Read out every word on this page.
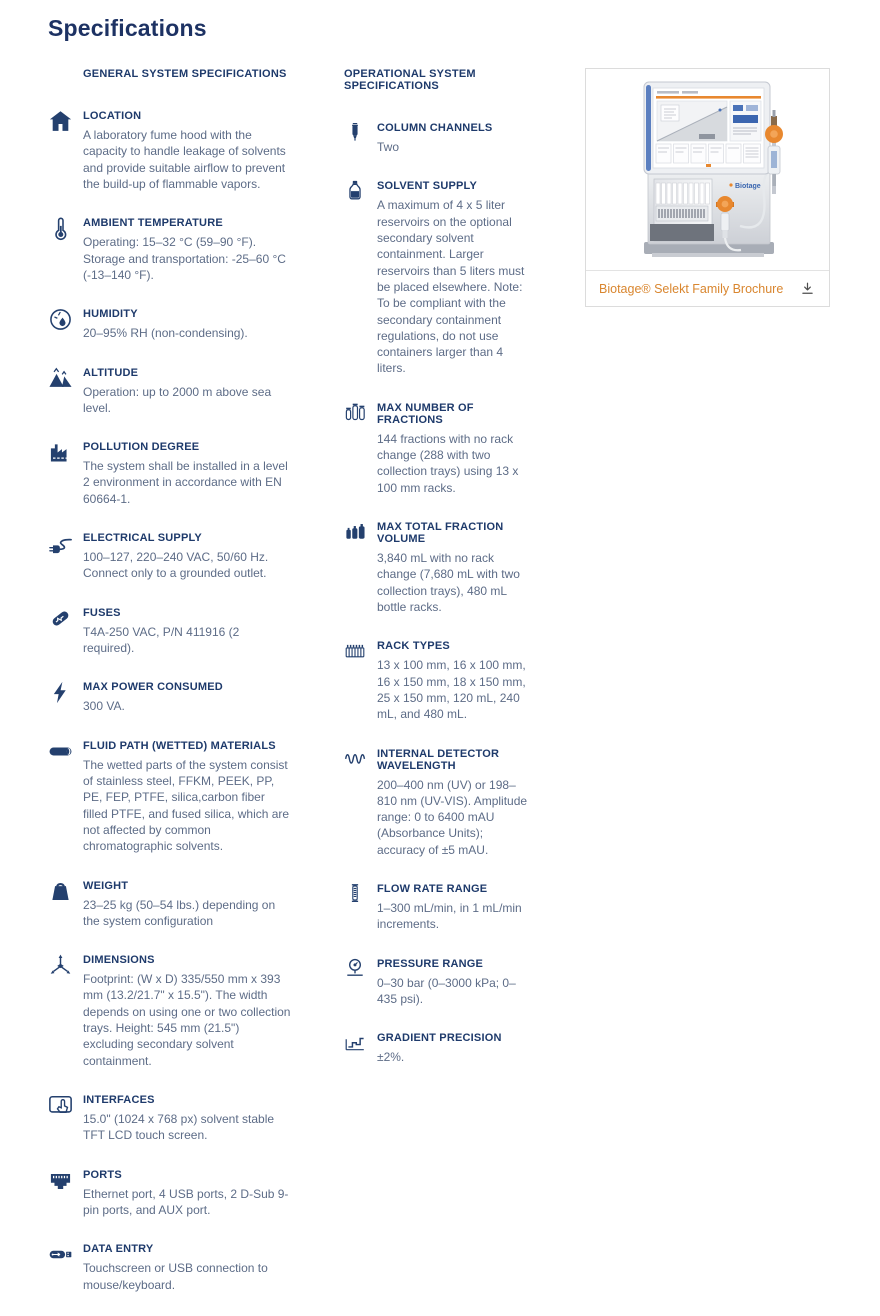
Specifications
GENERAL SYSTEM SPECIFICATIONS
LOCATION

A laboratory fume hood with the capacity to handle leakage of solvents and provide suitable airflow to prevent the build-up of flammable vapors.

AMBIENT TEMPERATURE

Operating: 15–32 °C (59–90 °F). Storage and transportation: -25–60 °C (-13–140 °F).

HUMIDITY

20–95% RH (non-condensing).

ALTITUDE

Operation: up to 2000 m above sea level.

POLLUTION DEGREE

The system shall be installed in a level 2 environment in accordance with EN 60664-1.

ELECTRICAL SUPPLY

100–127, 220–240 VAC, 50/60 Hz. Connect only to a grounded outlet.

FUSES

T4A-250 VAC, P/N 411916 (2 required).

MAX POWER CONSUMED

300 VA.

FLUID PATH (WETTED) MATERIALS

The wetted parts of the system consist of stainless steel, FFKM, PEEK, PP, PE, FEP, PTFE, silica,carbon fiber filled PTFE, and fused silica, which are not affected by common chromatographic solvents.

WEIGHT

23–25 kg (50–54 lbs.) depending on the system configuration

DIMENSIONS

Footprint: (W x D) 335/550 mm x 393 mm (13.2/21.7" x 15.5"). The width depends on using one or two collection trays. Height: 545 mm (21.5") excluding secondary solvent containment.

INTERFACES

15.0" (1024 x 768 px) solvent stable TFT LCD touch screen.

PORTS

Ethernet port, 4 USB ports, 2 D-Sub 9-pin ports, and AUX port.

DATA ENTRY

Touchscreen or USB connection to mouse/keyboard.

OPERATIONAL SYSTEM SPECIFICATIONS
COLUMN CHANNELS

Two

SOLVENT SUPPLY

A maximum of 4 x 5 liter reservoirs on the optional secondary solvent containment. Larger reservoirs than 5 liters must be placed elsewhere. Note: To be compliant with the secondary containment regulations, do not use containers larger than 4 liters.

MAX NUMBER OF FRACTIONS

144 fractions with no rack change (288 with two collection trays) using 13 x 100 mm racks.

MAX TOTAL FRACTION VOLUME

3,840 mL with no rack change (7,680 mL with two collection trays), 480 mL bottle racks.

RACK TYPES

13 x 100 mm, 16 x 100 mm, 16 x 150 mm, 18 x 150 mm, 25 x 150 mm, 120 mL, 240 mL, and 480 mL.

INTERNAL DETECTOR WAVELENGTH

200–400 nm (UV) or 198–810 nm (UV-VIS). Amplitude range: 0 to 6400 mAU (Absorbance Units); accuracy of ±5 mAU.

FLOW RATE RANGE

1–300 mL/min, in 1 mL/min increments.

PRESSURE RANGE

0–30 bar (0–3000 kPa; 0–435 psi).

GRADIENT PRECISION

±2%.

Biotage
Biotage® Selekt Family Brochure
